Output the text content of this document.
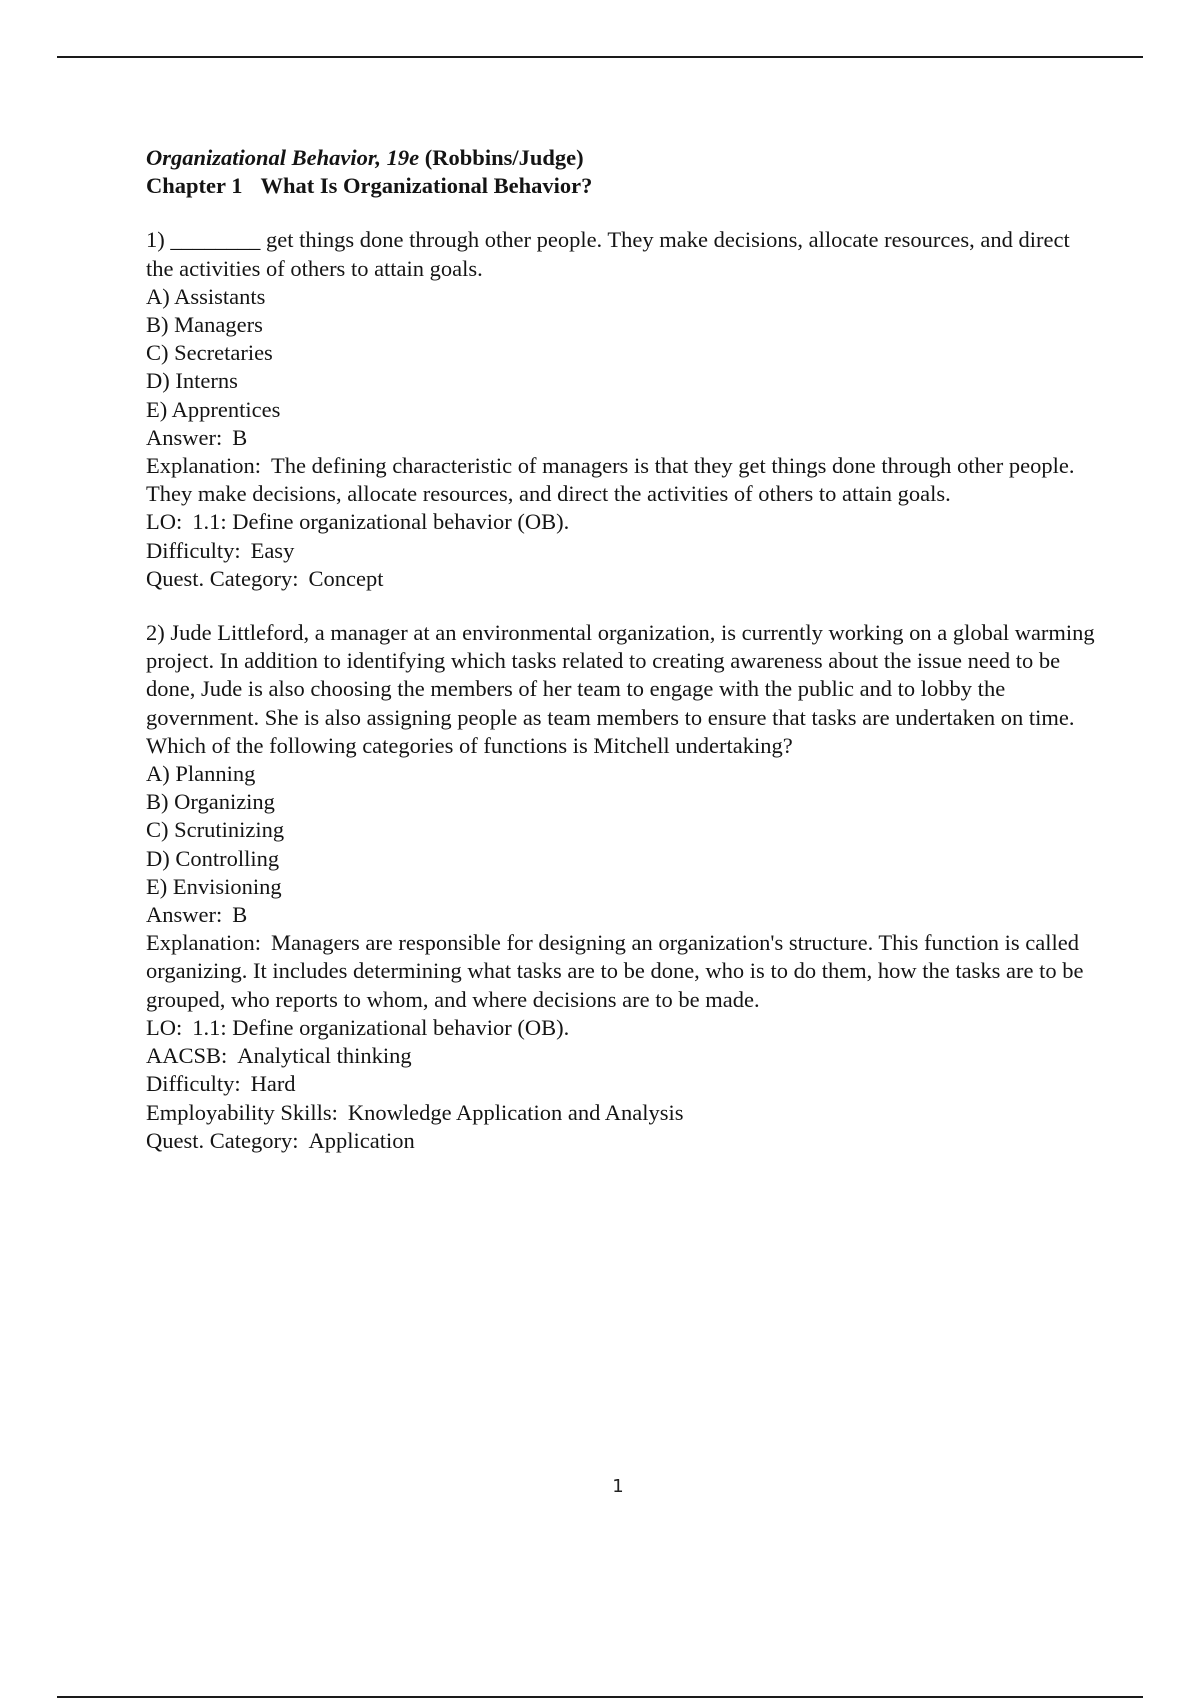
Organizational Behavior, 19e (Robbins/Judge)

Chapter 1 What Is Organizational Behavior?

1) ________ get things done through other people. They make decisions, allocate resources, and direct the activities of others to attain goals.

A) Assistants

B) Managers

C) Secretaries

D) Interns

E) Apprentices

Answer: B

Explanation: The defining characteristic of managers is that they get things done through other people. They make decisions, allocate resources, and direct the activities of others to attain goals.

LO: 1.1: Define organizational behavior (OB).

Difficulty: Easy

Quest. Category: Concept

2) Jude Littleford, a manager at an environmental organization, is currently working on a global warming project. In addition to identifying which tasks related to creating awareness about the issue need to be done, Jude is also choosing the members of her team to engage with the public and to lobby the government. She is also assigning people as team members to ensure that tasks are undertaken on time. Which of the following categories of functions is Mitchell undertaking?

A) Planning

B) Organizing

C) Scrutinizing

D) Controlling

E) Envisioning

Answer: B

Explanation: Managers are responsible for designing an organization's structure. This function is called organizing. It includes determining what tasks are to be done, who is to do them, how the tasks are to be grouped, who reports to whom, and where decisions are to be made.

LO: 1.1: Define organizational behavior (OB).

AACSB: Analytical thinking

Difficulty: Hard

Employability Skills: Knowledge Application and Analysis

Quest. Category: Application

1
